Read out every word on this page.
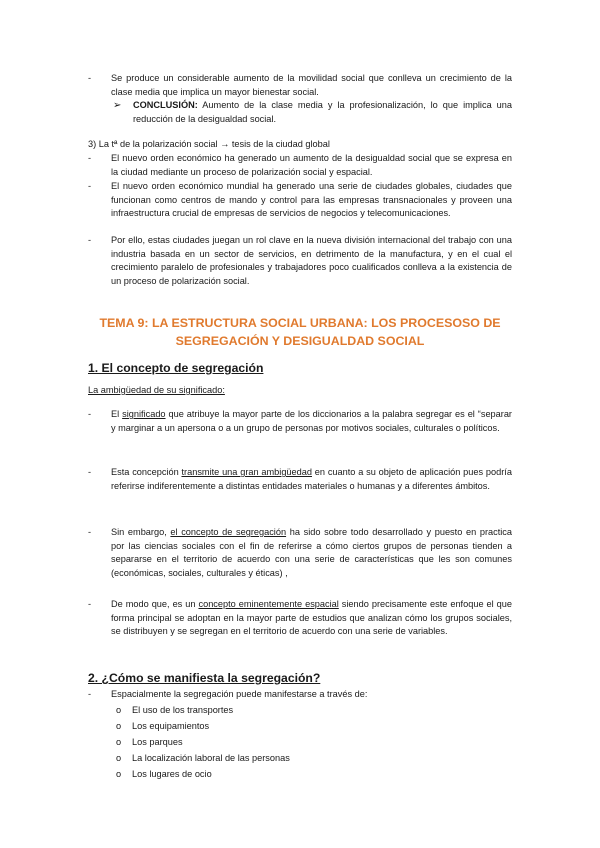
- Se produce un considerable aumento de la movilidad social que conlleva un crecimiento de la clase media que implica un mayor bienestar social.
➢ CONCLUSIÓN: Aumento de la clase media y la profesionalización, lo que implica una reducción de la desigualdad social.
3) La tª de la polarización social → tesis de la ciudad global
- El nuevo orden económico ha generado un aumento de la desigualdad social que se expresa en la ciudad mediante un proceso de polarización social y espacial.
- El nuevo orden económico mundial ha generado una serie de ciudades globales, ciudades que funcionan como centros de mando y control para las empresas transnacionales y proveen una infraestructura crucial de empresas de servicios de negocios y telecomunicaciones.
- Por ello, estas ciudades juegan un rol clave en la nueva división internacional del trabajo con una industria basada en un sector de servicios, en detrimento de la manufactura, y en el cual el crecimiento paralelo de profesionales y trabajadores poco cualificados conlleva a la existencia de un proceso de polarización social.
TEMA 9: LA ESTRUCTURA SOCIAL URBANA: LOS PROCESOSO DE
SEGREGACIÓN Y DESIGUALDAD SOCIAL
1. El concepto de segregación
La ambigüedad de su significado:
- El significado que atribuye la mayor parte de los diccionarios a la palabra segregar es el “separar y marginar a un apersona o a un grupo de personas por motivos sociales, culturales o políticos.
- Esta concepción transmite una gran ambigüedad en cuanto a su objeto de aplicación pues podría referirse indiferentemente a distintas entidades materiales o humanas y a diferentes ámbitos.
- Sin embargo, el concepto de segregación ha sido sobre todo desarrollado y puesto en practica por las ciencias sociales con el fin de referirse a cómo ciertos grupos de personas tienden a separarse en el territorio de acuerdo con una serie de características que les son comunes (económicas, sociales, culturales y éticas) ,
- De modo que, es un concepto eminentemente espacial siendo precisamente este enfoque el que forma principal se adoptan en la mayor parte de estudios que analizan cómo los grupos sociales, se distribuyen y se segregan en el territorio de acuerdo con una serie de variables.
2. ¿Cómo se manifiesta la segregación?
- Espacialmente la segregación puede manifestarse a través de:
o El uso de los transportes
o Los equipamientos
o Los parques
o La localización laboral de las personas
o Los lugares de ocio
